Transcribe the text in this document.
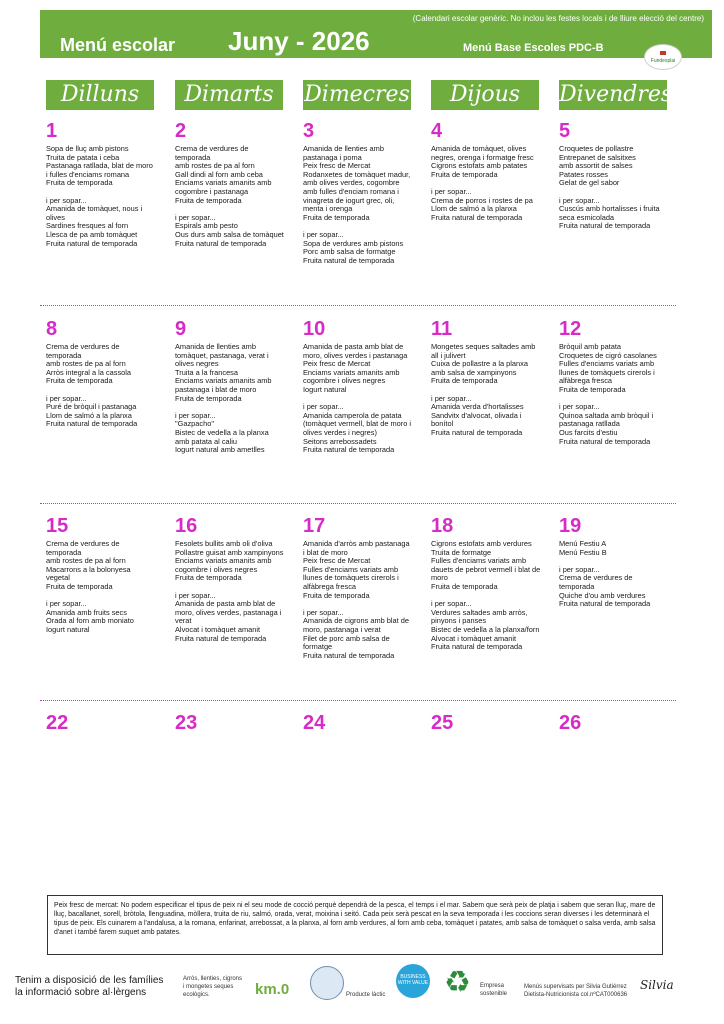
(Calendari escolar genèric. No inclou les festes locals i de lliure elecció del centre)
Menú escolar Juny - 2026	Menú Base Escoles PDC-B

Fundesplai
Dilluns	Dimarts	Dimecres	Dijous	Divendres
1
Sopa de lluç amb pistons
Truita de patata i ceba
Pastanaga ratllada, blat de moro
i fulles d'enciams romana
Fruita de temporada
i per sopar...
Amanida de tomàquet, nous i
olives
Sardines fresques al forn
Llesca de pa amb tomàquet
Fruita natural de temporada
2
Crema de verdures de
temporada
amb rostes de pa al forn
Gall dindi al forn amb ceba
Enciams variats amanits amb
cogombre i pastanaga
Fruita de temporada
i per sopar...
Espirals amb pesto
Ous durs amb salsa de tomàquet
Fruita natural de temporada
3
Amanida de llenties amb
pastanaga i poma
Peix fresc de Mercat
Rodanxetes de tomàquet madur,
amb olives verdes, cogombre
amb fulles d'enciam romana i
vinagreta de iogurt grec, oli,
menta i orenga
Fruita de temporada
i per sopar...
Sopa de verdures amb pistons
Porc amb salsa de formatge
Fruita natural de temporada
4
Amanida de tomàquet, olives
negres, orenga i formatge fresc
Cigrons estofats amb patates
Fruita de temporada
i per sopar...
Crema de porros i rostes de pa
Llom de salmó a la planxa
Fruita natural de temporada
5
Croquetes de pollastre
Entrepanet de salsitxes
amb assortit de salses
Patates rosses
Gelat de gel sabor
i per sopar...
Cuscús amb hortalisses i fruita
seca esmicolada
Fruita natural de temporada
8
Crema de verdures de
temporada
amb rostes de pa al forn
Arròs integral a la cassola
Fruita de temporada
i per sopar...
Puré de bròquil i pastanaga
Llom de salmó a la planxa
Fruita natural de temporada
9
Amanida de llenties amb
tomàquet, pastanaga, verat i
olives negres
Truita a la francesa
Enciams variats amanits amb
pastanaga i blat de moro
Fruita de temporada
i per sopar...
"Gazpacho"
Bistec de vedella a la planxa
amb patata al caliu
Iogurt natural amb ametlles
10
Amanida de pasta amb blat de
moro, olives verdes i pastanaga
Peix fresc de Mercat
Enciams variats amanits amb
cogombre i olives negres
Iogurt natural
i per sopar...
Amanida camperola de patata
(tomàquet vermell, blat de moro i
olives verdes i negres)
Seitons arrebossadets
Fruita natural de temporada
11
Mongetes seques saltades amb
all i julivert
Cuixa de pollastre a la planxa
amb salsa de xampinyons
Fruita de temporada
i per sopar...
Amanida verda d'hortalisses
Sandvitx d'alvocat, olivada i
bonítol
Fruita natural de temporada
12
Bròquil amb patata
Croquetes de cigró casolanes
Fulles d'enciams variats amb
llunes de tomàquets cirerols i
alfàbrega fresca
Fruita de temporada
i per sopar...
Quinoa saltada amb bròquil i
pastanaga ratllada
Ous farcits d'estiu
Fruita natural de temporada
15
Crema de verdures de
temporada
amb rostes de pa al forn
Macarrons a la bolonyesa
vegetal
Fruita de temporada
i per sopar...
Amanida amb fruits secs
Orada al forn amb moniato
Iogurt natural
16
Fesolets bullits amb oli d'oliva
Pollastre guisat amb xampinyons
Enciams variats amanits amb
cogombre i olives negres
Fruita de temporada
i per sopar...
Amanida de pasta amb blat de
moro, olives verdes, pastanaga i
verat
Alvocat i tomàquet amanit
Fruita natural de temporada
17
Amanida d'arròs amb pastanaga
i blat de moro
Peix fresc de Mercat
Fulles d'enciams variats amb
llunes de tomàquets cirerols i
alfàbrega fresca
Fruita de temporada
i per sopar...
Amanida de cigrons amb blat de
moro, pastanaga i verat
Filet de porc amb salsa de
formatge
Fruita natural de temporada
18
Cigrons estofats amb verdures
Truita de formatge
Fulles d'enciams variats amb
dauets de pebrot vermell i blat de
moro
Fruita de temporada
i per sopar...
Verdures saltades amb arròs,
pinyons i panses
Bistec de vedella a la planxa/forn
Alvocat i tomàquet amanit
Fruita natural de temporada
19
Menú Festiu A
Menú Festiu B
i per sopar...
Crema de verdures de
temporada
Quiche d'ou amb verdures
Fruita natural de temporada
22	23	24	25	26
Peix fresc de mercat: No podem especificar el tipus de peix ni el seu mode de cocció perquè dependrà de la pesca, el temps i el mar. Sabem que serà peix de platja i sabem que seran lluç, mare de lluç, bacallanet, sorell, bròtola, llenguadina, mòllera, truita de riu, salmó, orada, verat, moixina i seitó. Cada peix serà pescat en la seva temporada i les coccions seran diverses i les determinarà el tipus de peix. Els cuinarem a l'andalusa, a la romana, enfarinat, arrebossat, a la planxa, al forn amb verdures, al forn amb ceba, tomàquet i patates, amb salsa de tomàquet o salsa verda, amb salsa d'anet i també farem suquet amb patates.
Tenim a disposició de les famílies
la informació sobre al·lèrgens
Arròs, llenties, cigrons
i mongetes seques
ecològics.	km.0	Producte làctic
BUSINESS WITH VALUE ♻ Empresa
sostenible
Menús supervisats per Silvia Gutiérrez
Dietista-Nutricionista col.nºCAT000636
Silvia
